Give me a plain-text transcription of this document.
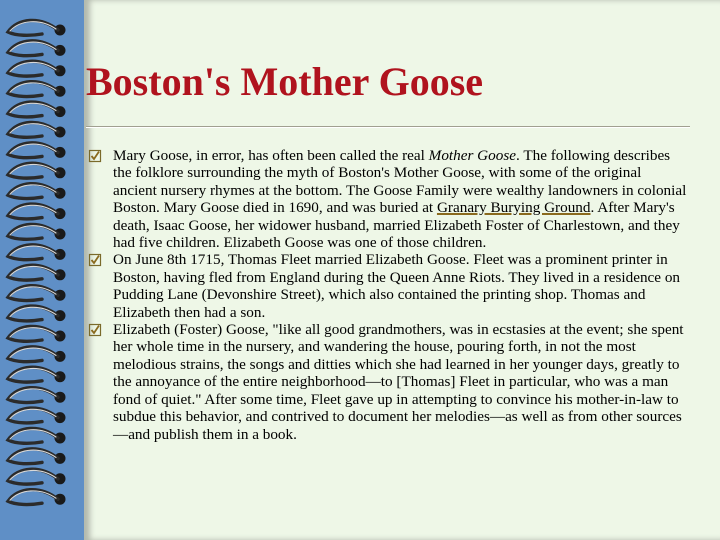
Boston's Mother Goose
Mary Goose, in error, has often been called the real Mother Goose. The following describes the folklore surrounding the myth of Boston's Mother Goose, with some of the original ancient nursery rhymes at the bottom. The Goose Family were wealthy landowners in colonial Boston. Mary Goose died in 1690, and was buried at Granary Burying Ground. After Mary's death, Isaac Goose, her widower husband, married Elizabeth Foster of Charlestown, and they had five children. Elizabeth Goose was one of those children.
On June 8th 1715, Thomas Fleet married Elizabeth Goose. Fleet was a prominent printer in Boston, having fled from England during the Queen Anne Riots. They lived in a residence on Pudding Lane (Devonshire Street), which also contained the printing shop. Thomas and Elizabeth then had a son.
Elizabeth (Foster) Goose, "like all good grandmothers, was in ecstasies at the event; she spent her whole time in the nursery, and wandering the house, pouring forth, in not the most melodious strains, the songs and ditties which she had learned in her younger days, greatly to the annoyance of the entire neighborhood—to [Thomas] Fleet in particular, who was a man fond of quiet." After some time, Fleet gave up in attempting to convince his mother-in-law to subdue this behavior, and contrived to document her melodies—as well as from other sources—and publish them in a book.
